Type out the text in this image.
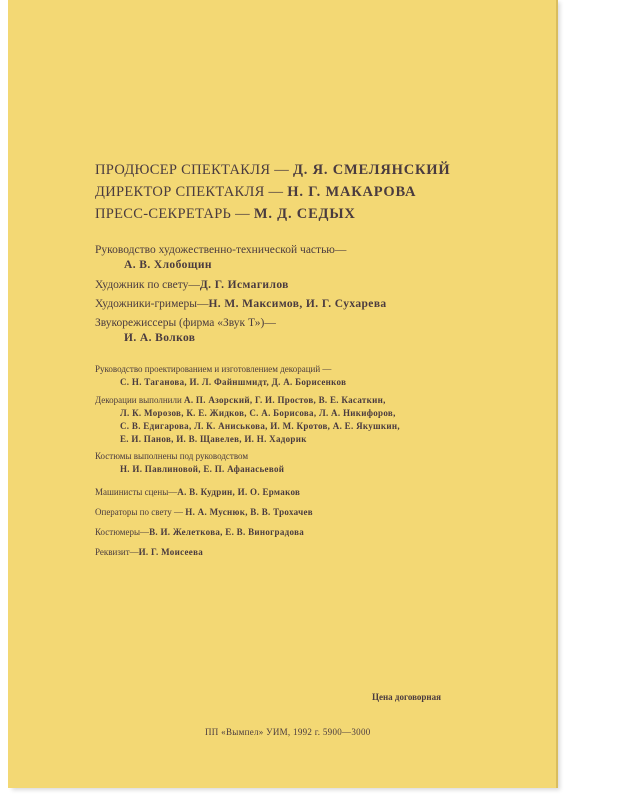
ПРОДЮСЕР СПЕКТАКЛЯ — Д. Я. СМЕЛЯНСКИЙ
ДИРЕКТОР СПЕКТАКЛЯ — Н. Г. МАКАРОВА
ПРЕСС-СЕКРЕТАРЬ — М. Д. СЕДЫХ
Руководство художественно-технической частью—
А. В. Хлобощин
Художник по свету—Д. Г. Исмагилов
Художники-гримеры—Н. М. Максимов, И. Г. Сухарева
Звукорежиссеры (фирма «Звук Т»)—
И. А. Волков
Руководство проектированием и изготовлением декораций —
С. Н. Таганова, И. Л. Файншмидт, Д. А. Борисенков
Декорации выполнили А. П. Азорский, Г. И. Простов, В. Е. Касаткин,
Л. К. Морозов, К. Е. Жидков, С. А. Борисова, Л. А. Никифоров,
С. В. Едигарова, Л. К. Аниськова, И. М. Кротов, А. Е. Якушкин,
Е. И. Панов, И. В. Щавелев, И. Н. Хадорик
Костюмы выполнены под руководством
Н. И. Павлиновой, Е. П. Афанасьевой
Машинисты сцены—А. В. Кудрин, И. О. Ермаков
Операторы по свету — Н. А. Муснюк, В. В. Трохачев
Костюмеры—В. И. Желеткова, Е. В. Виноградова
Реквизит—И. Г. Моисеева
Цена договорная
ПП «Вымпел» УИМ, 1992 г. 5900—3000
